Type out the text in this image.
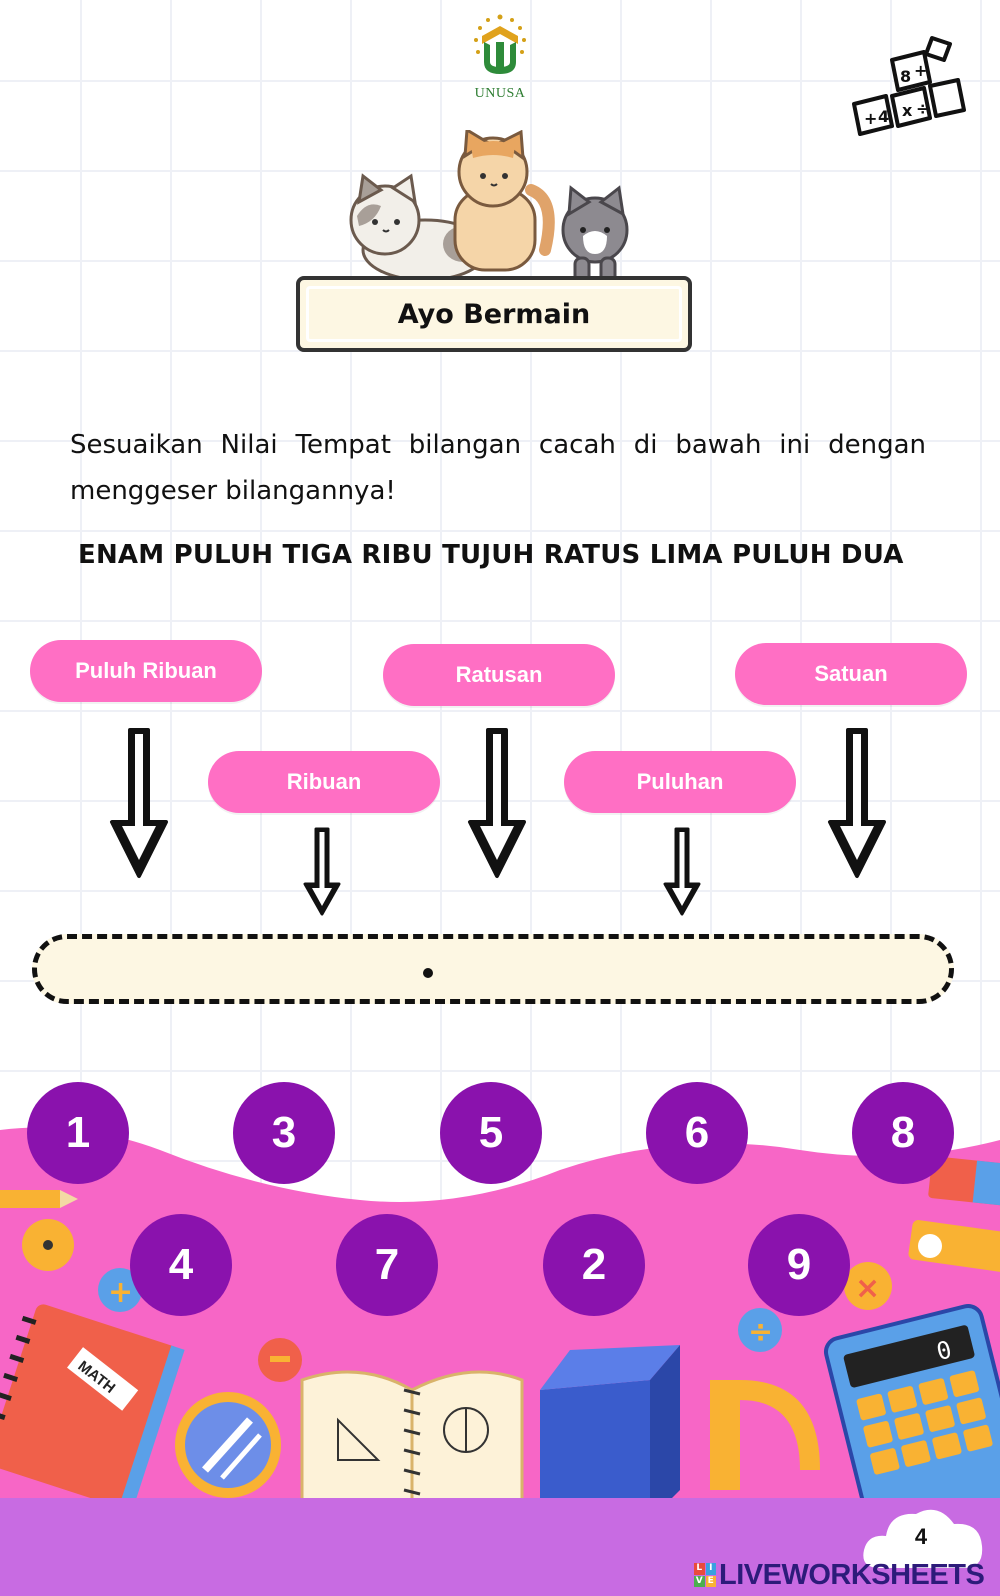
UNUSA
8 +
+ 4 x ÷
Ayo Bermain
Sesuaikan Nilai Tempat bilangan cacah di bawah ini dengan menggeser bilangannya!
ENAM PULUH TIGA RIBU TUJUH RATUS LIMA PULUH DUA
Puluh Ribuan
Ribuan
Ratusan
Puluhan
Satuan
+
MATH
÷
×
0
1	3	5	6	8
4	7	2	9
4
L I
V E LIVEWORKSHEETS
